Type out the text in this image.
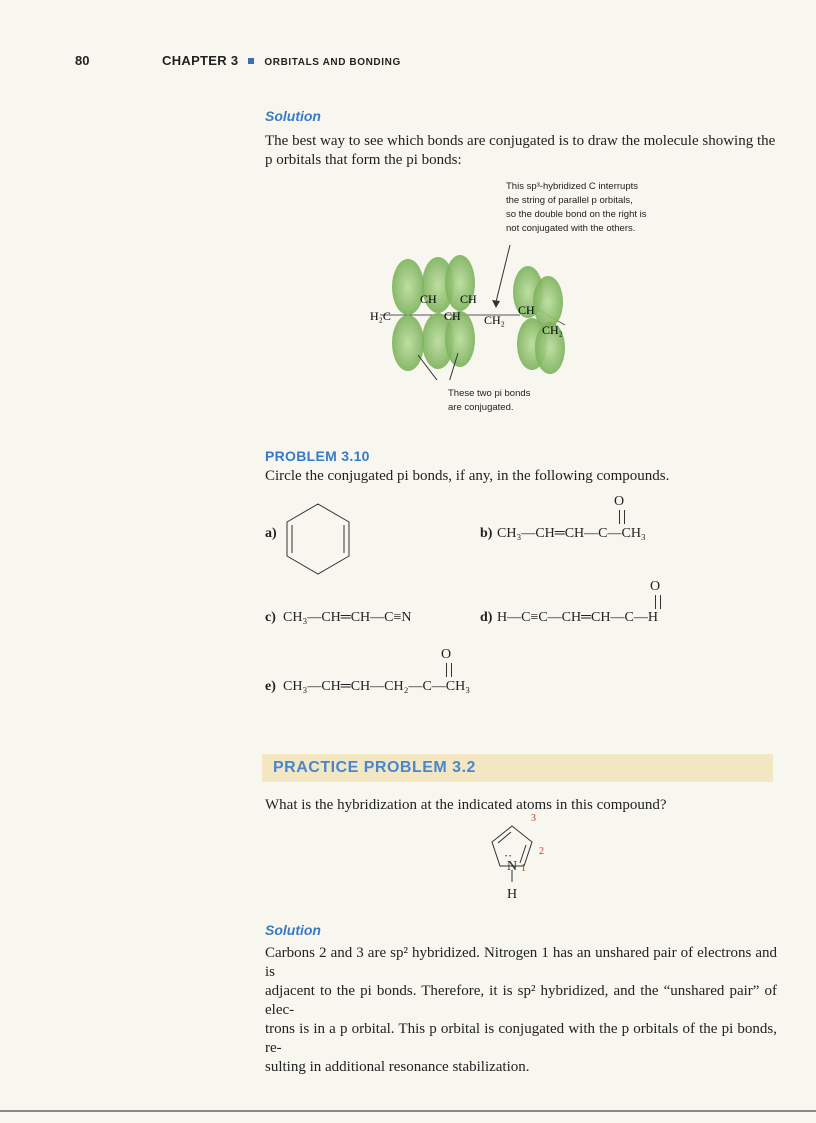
80	CHAPTER 3	ORBITALS AND BONDING
Solution
The best way to see which bonds are conjugated is to draw the molecule showing the
p orbitals that form the pi bonds:
This sp³-hybridized C interrupts
the string of parallel p orbitals,
so the double bond on the right is
not conjugated with the others.
H₂C
CH
CH
CH
CH₂
CH
CH₂
These two pi bonds
are conjugated.
PROBLEM 3.10
Circle the conjugated pi bonds, if any, in the following compounds.
a)	b) CH₃—CH═CH—C—CH₃
O
c) CH₃—CH═CH—C≡N	d) H—C≡C—CH═CH—C—H
O
e) CH₃—CH═CH—CH₂—C—CH₃
O
PRACTICE PROBLEM 3.2
What is the hybridization at the indicated atoms in this compound?
••
N
H
1
2
3
Solution
Carbons 2 and 3 are sp² hybridized. Nitrogen 1 has an unshared pair of electrons and is
adjacent to the pi bonds. Therefore, it is sp² hybridized, and the “unshared pair” of elec-
trons is in a p orbital. This p orbital is conjugated with the p orbitals of the pi bonds, re-
sulting in additional resonance stabilization.
